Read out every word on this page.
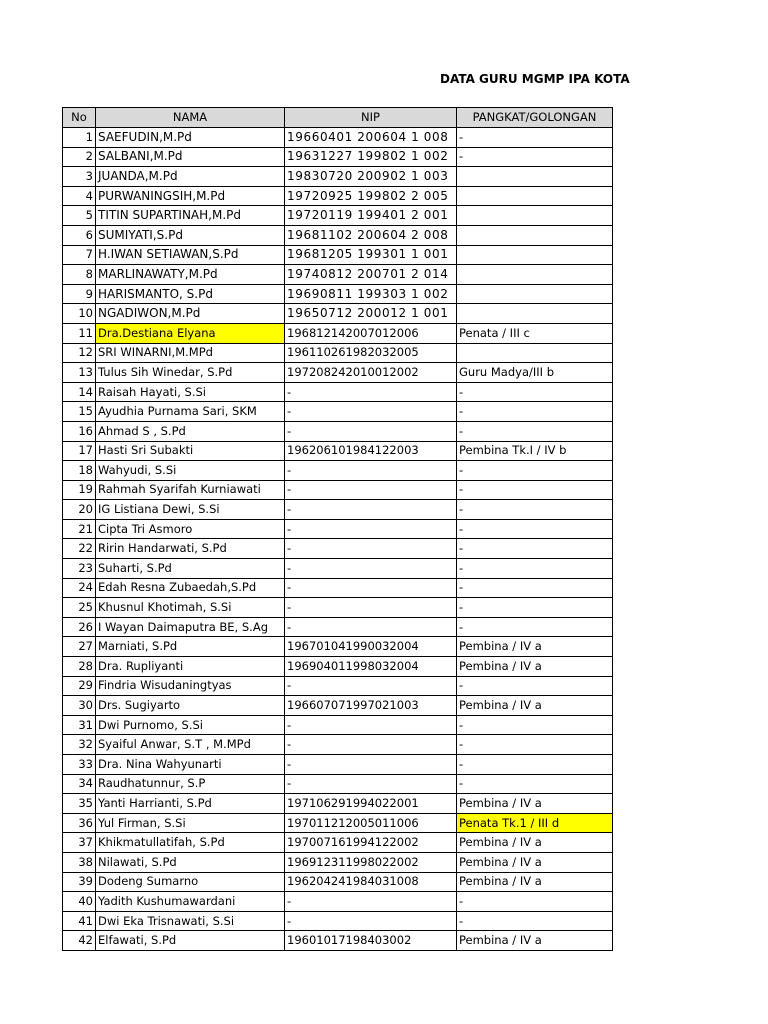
DATA GURU MGMP IPA KOTA
No	NAMA	NIP	PANGKAT/GOLONGAN
1	SAEFUDIN,M.Pd	19660401 200604 1 008	-
2	SALBANI,M.Pd	19631227 199802 1 002	-
3	JUANDA,M.Pd	19830720 200902 1 003	
4	PURWANINGSIH,M.Pd	19720925 199802 2 005	
5	TITIN SUPARTINAH,M.Pd	19720119 199401 2 001	
6	SUMIYATI,S.Pd	19681102 200604 2 008	
7	H.IWAN SETIAWAN,S.Pd	19681205 199301 1 001	
8	MARLINAWATY,M.Pd	19740812 200701 2 014	
9	HARISMANTO, S.Pd	19690811 199303 1 002	
10	NGADIWON,M.Pd	19650712 200012 1 001	
11	Dra.Destiana Elyana	196812142007012006	Penata / III c
12	SRI WINARNI,M.MPd	196110261982032005	
13	Tulus Sih Winedar, S.Pd	197208242010012002	Guru Madya/III b
14	Raisah Hayati, S.Si	-	-
15	Ayudhia Purnama Sari, SKM	-	-
16	Ahmad S , S.Pd	-	-
17	Hasti Sri Subakti	196206101984122003	Pembina Tk.I / IV b
18	Wahyudi, S.Si	-	-
19	Rahmah Syarifah Kurniawati	-	-
20	IG Listiana Dewi, S.Si	-	-
21	Cipta Tri Asmoro	-	-
22	Ririn Handarwati, S.Pd	-	-
23	Suharti, S.Pd	-	-
24	Edah Resna Zubaedah,S.Pd	-	-
25	Khusnul Khotimah, S.Si	-	-
26	I Wayan Daimaputra BE, S.Ag	-	-
27	Marniati, S.Pd	196701041990032004	Pembina / IV a
28	Dra. Rupliyanti	196904011998032004	Pembina / IV a
29	Findria Wisudaningtyas	-	-
30	Drs. Sugiyarto	196607071997021003	Pembina / IV a
31	Dwi Purnomo, S.Si	-	-
32	Syaiful Anwar, S.T , M.MPd	-	-
33	Dra. Nina Wahyunarti	-	-
34	Raudhatunnur, S.P	-	-
35	Yanti Harrianti, S.Pd	197106291994022001	Pembina / IV a
36	Yul Firman, S.Si	197011212005011006	Penata Tk.1 / III d
37	Khikmatullatifah, S.Pd	197007161994122002	Pembina / IV a
38	Nilawati, S.Pd	196912311998022002	Pembina / IV a
39	Dodeng Sumarno	196204241984031008	Pembina / IV a
40	Yadith Kushumawardani	-	-
41	Dwi Eka Trisnawati, S.Si	-	-
42	Elfawati, S.Pd	19601017198403002	Pembina / IV a
